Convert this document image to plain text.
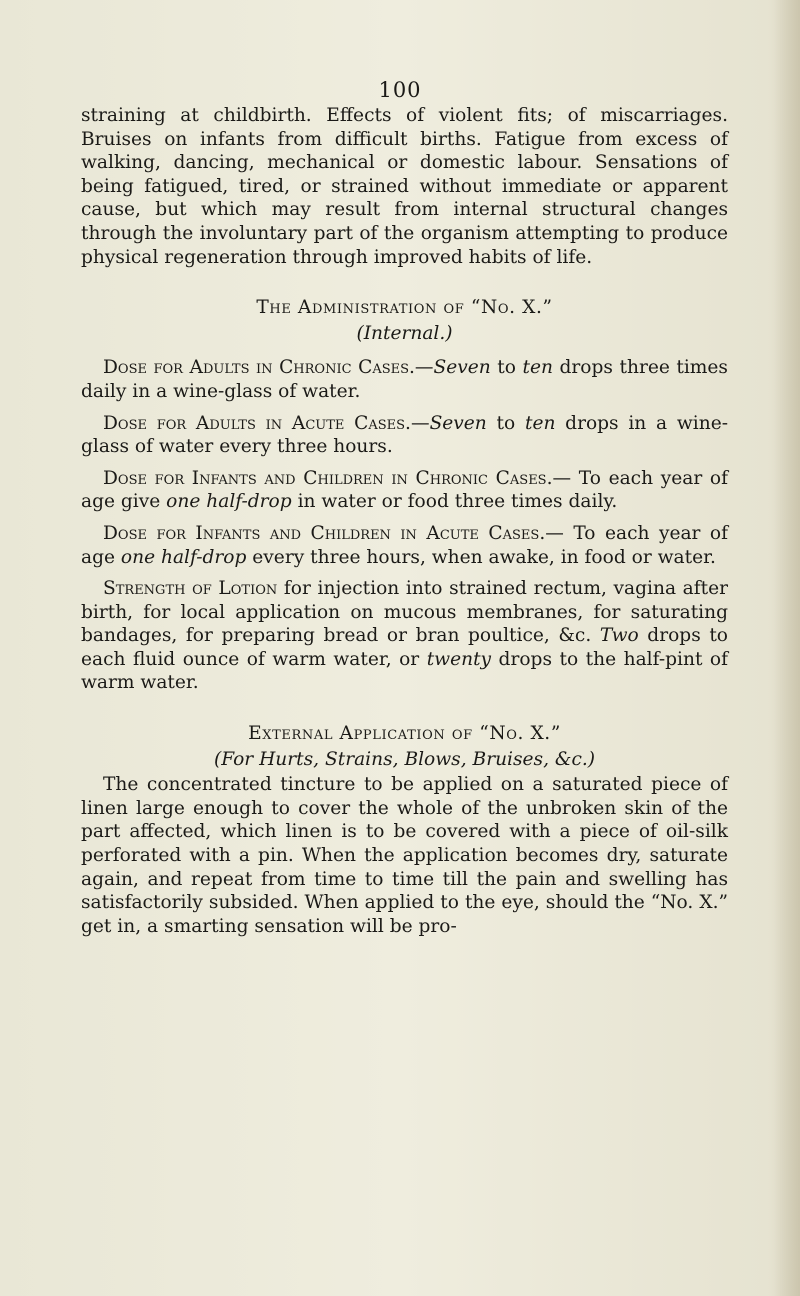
100

straining at childbirth. Effects of violent fits; of miscarriages. Bruises on infants from difficult births. Fatigue from excess of walking, dancing, mechanical or domestic labour. Sensations of being fatigued, tired, or strained without immediate or apparent cause, but which may result from internal structural changes through the involuntary part of the organism attempting to produce physical regeneration through improved habits of life.

The Administration of “No. X.”
(Internal.)

Dose for Adults in Chronic Cases.—Seven to ten drops three times daily in a wine-glass of water.

Dose for Adults in Acute Cases.—Seven to ten drops in a wine-glass of water every three hours.

Dose for Infants and Children in Chronic Cases.— To each year of age give one half-drop in water or food three times daily.

Dose for Infants and Children in Acute Cases.— To each year of age one half-drop every three hours, when awake, in food or water.

Strength of Lotion for injection into strained rectum, vagina after birth, for local application on mucous membranes, for saturating bandages, for preparing bread or bran poultice, &c. Two drops to each fluid ounce of warm water, or twenty drops to the half-pint of warm water.

External Application of “No. X.”
(For Hurts, Strains, Blows, Bruises, &c.)

The concentrated tincture to be applied on a saturated piece of linen large enough to cover the whole of the unbroken skin of the part affected, which linen is to be covered with a piece of oil-silk perforated with a pin. When the application becomes dry, saturate again, and repeat from time to time till the pain and swelling has satisfactorily subsided. When applied to the eye, should the “No. X.” get in, a smarting sensation will be pro-
